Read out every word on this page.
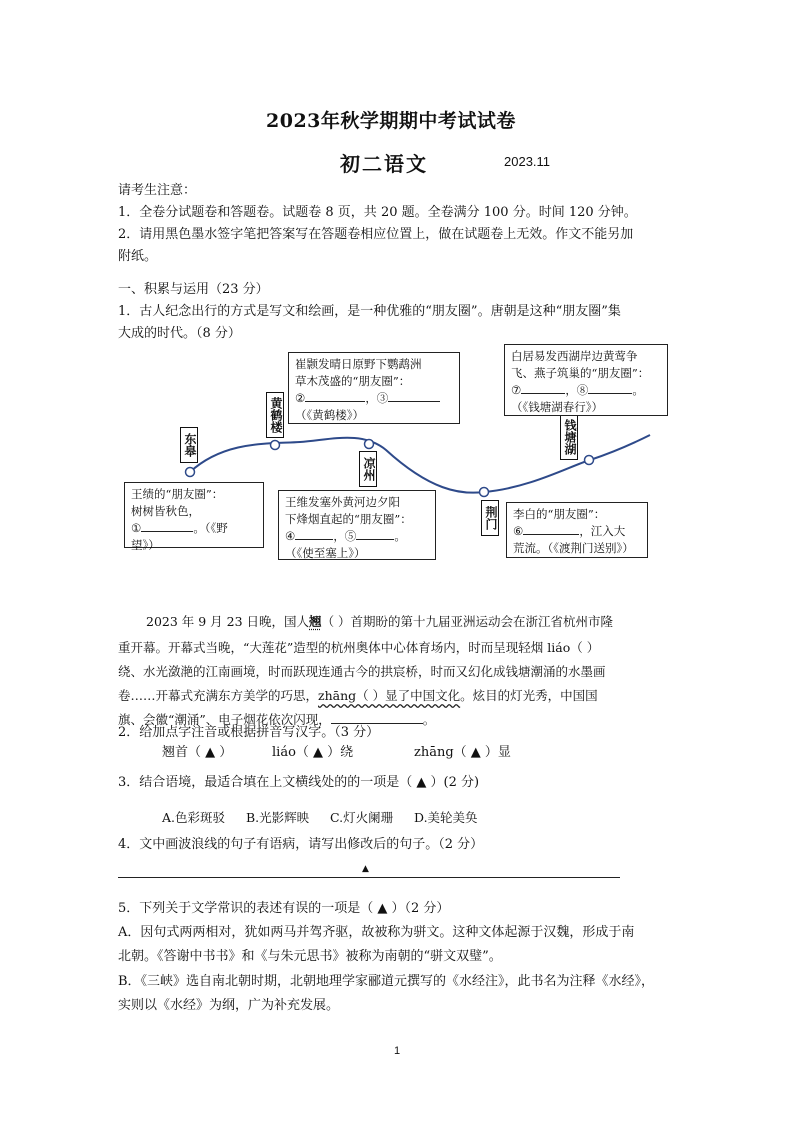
2023年秋学期期中考试试卷
初二语文	2023.11
请考生注意：
1．全卷分试题卷和答题卷。试题卷 8 页，共 20 题。全卷满分 100 分。时间 120 分钟。
2．请用黑色墨水签字笔把答案写在答题卷相应位置上，做在试题卷上无效。作文不能另加
附纸。
一、积累与运用（23 分）
1．古人纪念出行的方式是写文和绘画，是一种优雅的“朋友圈”。唐朝是这种“朋友圈”集
大成的时代。（8 分）
东皋
黄鹤楼
凉州
荆门
钱塘湖
王绩的“朋友圈”：
树树皆秋色，
①	。（《野
望》）
崔颢发晴日原野下鹦鹉洲
草木茂盛的“朋友圈”：
②	，③
（《黄鹤楼》）
王维发塞外黄河边夕阳
下烽烟直起的“朋友圈”：
④	，⑤	。
（《使至塞上》）
李白的“朋友圈”：
⑥	，江入大
荒流。（《渡荆门送别》）
白居易发西湖岸边黄莺争
飞、燕子筑巢的“朋友圈”：
⑦	，⑧	。
（《钱塘湖春行》）
2023 年 9 月 23 日晚，国人翘（ ）首期盼的第十九届亚洲运动会在浙江省杭州市隆
重开幕。开幕式当晚，“大莲花”造型的杭州奥体中心体育场内，时而呈现轻烟 liáo（ ）
绕、水光潋滟的江南画境，时而跃现连通古今的拱宸桥，时而又幻化成钱塘潮涌的水墨画
卷……开幕式充满东方美学的巧思，zhāng（ ）显了中国文化。炫目的灯光秀，中国国
旗、会徽“潮涌”、电子烟花依次闪现，	。
2．给加点字注音或根据拼音写汉字。（3 分）
翘首（ ▲ ）	liáo（ ▲ ）绕	zhāng（ ▲ ）显
3．结合语境，最适合填在上文横线处的的一项是（ ▲ ）(2 分)
A.色彩斑驳 B.光影辉映 C.灯火阑珊 D.美轮美奂
4．文中画波浪线的句子有语病，请写出修改后的句子。（2 分）
▲
5．下列关于文学常识的表述有误的一项是（ ▲ ）（2 分）
A．因句式两两相对，犹如两马并驾齐驱，故被称为骈文。这种文体起源于汉魏，形成于南
北朝。《答谢中书书》和《与朱元思书》被称为南朝的“骈文双璧”。
B．《三峡》选自南北朝时期，北朝地理学家郦道元撰写的《水经注》，此书名为注释《水经》，
实则以《水经》为纲，广为补充发展。
1
